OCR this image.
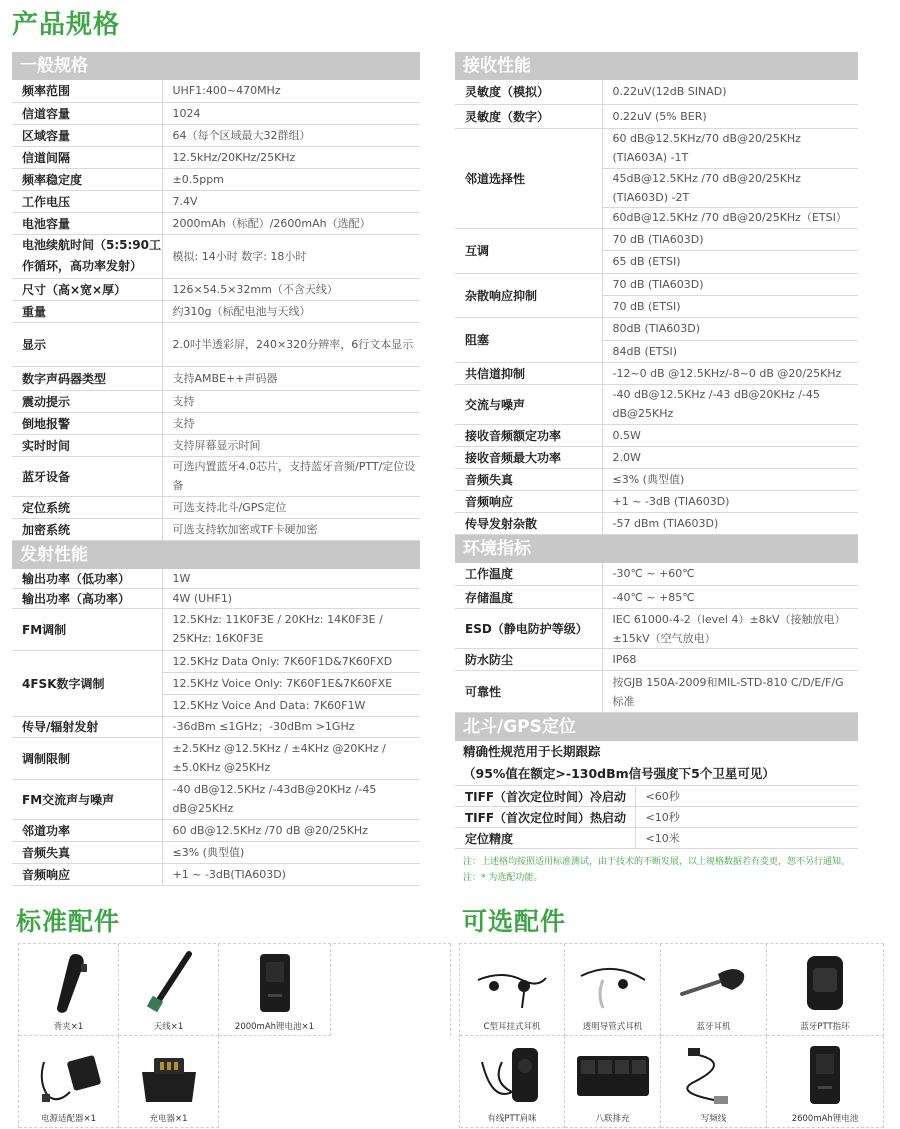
产品规格
一般规格
频率范围	UHF1:400~470MHz
信道容量	1024
区域容量	64（每个区域最大32群组）
信道间隔	12.5kHz/20KHz/25KHz
频率稳定度	±0.5ppm
工作电压	7.4V
电池容量	2000mAh（标配）/2600mAh（选配）
电池续航时间（5:5:90工作循环，高功率发射）	模拟: 14小时 数字: 18小时
尺寸（高×宽×厚）	126×54.5×32mm（不含天线）
重量	约310g（标配电池与天线）
显示	2.0吋半透彩屏，240×320分辨率，6行文本显示
数字声码器类型	支持AMBE++声码器
震动提示	支持
倒地报警	支持
实时时间	支持屏幕显示时间
蓝牙设备	可选内置蓝牙4.0芯片，支持蓝牙音频/PTT/定位设备
定位系统	可选支持北斗/GPS定位
加密系统	可选支持软加密或TF卡硬加密
发射性能
输出功率（低功率）	1W
输出功率（高功率）	4W (UHF1)
FM调制	12.5KHz: 11K0F3E / 20KHz: 14K0F3E / 25KHz: 16K0F3E
4FSK数字调制	12.5KHz Data Only: 7K60F1D&7K60FXD
	12.5KHz Voice Only: 7K60F1E&7K60FXE
	12.5KHz Voice And Data: 7K60F1W
传导/辐射发射	-36dBm ≤1GHz；-30dBm >1GHz
调制限制	±2.5KHz @12.5KHz / ±4KHz @20KHz / ±5.0KHz @25KHz
FM交流声与噪声	-40 dB@12.5KHz /-43dB@20KHz /-45 dB@25KHz
邻道功率	60 dB@12.5KHz /70 dB @20/25KHz
音频失真	≤3% (典型值)
音频响应	+1 ~ -3dB(TIA603D)
接收性能
灵敏度（模拟）	0.22uV(12dB SINAD)
灵敏度（数字）	0.22uV (5% BER)
邻道选择性	60 dB@12.5KHz/70 dB@20/25KHz (TIA603A) -1T
	45dB@12.5KHz /70 dB@20/25KHz (TIA603D) -2T
	60dB@12.5KHz /70 dB@20/25KHz（ETSI）
互调	70 dB (TIA603D)
	65 dB (ETSI)
杂散响应抑制	70 dB (TIA603D)
	70 dB (ETSI)
阻塞	80dB (TIA603D)
	84dB (ETSI)
共信道抑制	-12~0 dB @12.5KHz/-8~0 dB @20/25KHz
交流与噪声	-40 dB@12.5KHz /-43 dB@20KHz /-45 dB@25KHz
接收音频额定功率	0.5W
接收音频最大功率	2.0W
音频失真	≤3% (典型值)
音频响应	+1 ~ -3dB (TIA603D)
传导发射杂散	-57 dBm (TIA603D)
环境指标
工作温度	-30℃ ~ +60℃
存储温度	-40℃ ~ +85℃
ESD（静电防护等级）	IEC 61000-4-2（level 4）±8kV（接触放电）±15kV（空气放电）
防水防尘	IP68
可靠性	按GJB 150A-2009和MIL-STD-810 C/D/E/F/G 标准
北斗/GPS定位
精确性规范用于长期跟踪
（95%值在额定>-130dBm信号强度下5个卫星可见）
TIFF（首次定位时间）冷启动	<60秒
TIFF（首次定位时间）热启动	<10秒
定位精度	<10米
注：上述格均按照适用标准测试，由于技术的不断发展，以上规格数据若有变更，恕不另行通知。
注：* 为选配功能。
标准配件	可选配件
背夹×1	天线×1	2000mAh锂电池×1
电源适配器×1	充电器×1
C型耳挂式耳机	透明导管式耳机	蓝牙耳机	蓝牙PTT指环
有线PTT肩咪	八联排充	写频线	2600mAh锂电池
